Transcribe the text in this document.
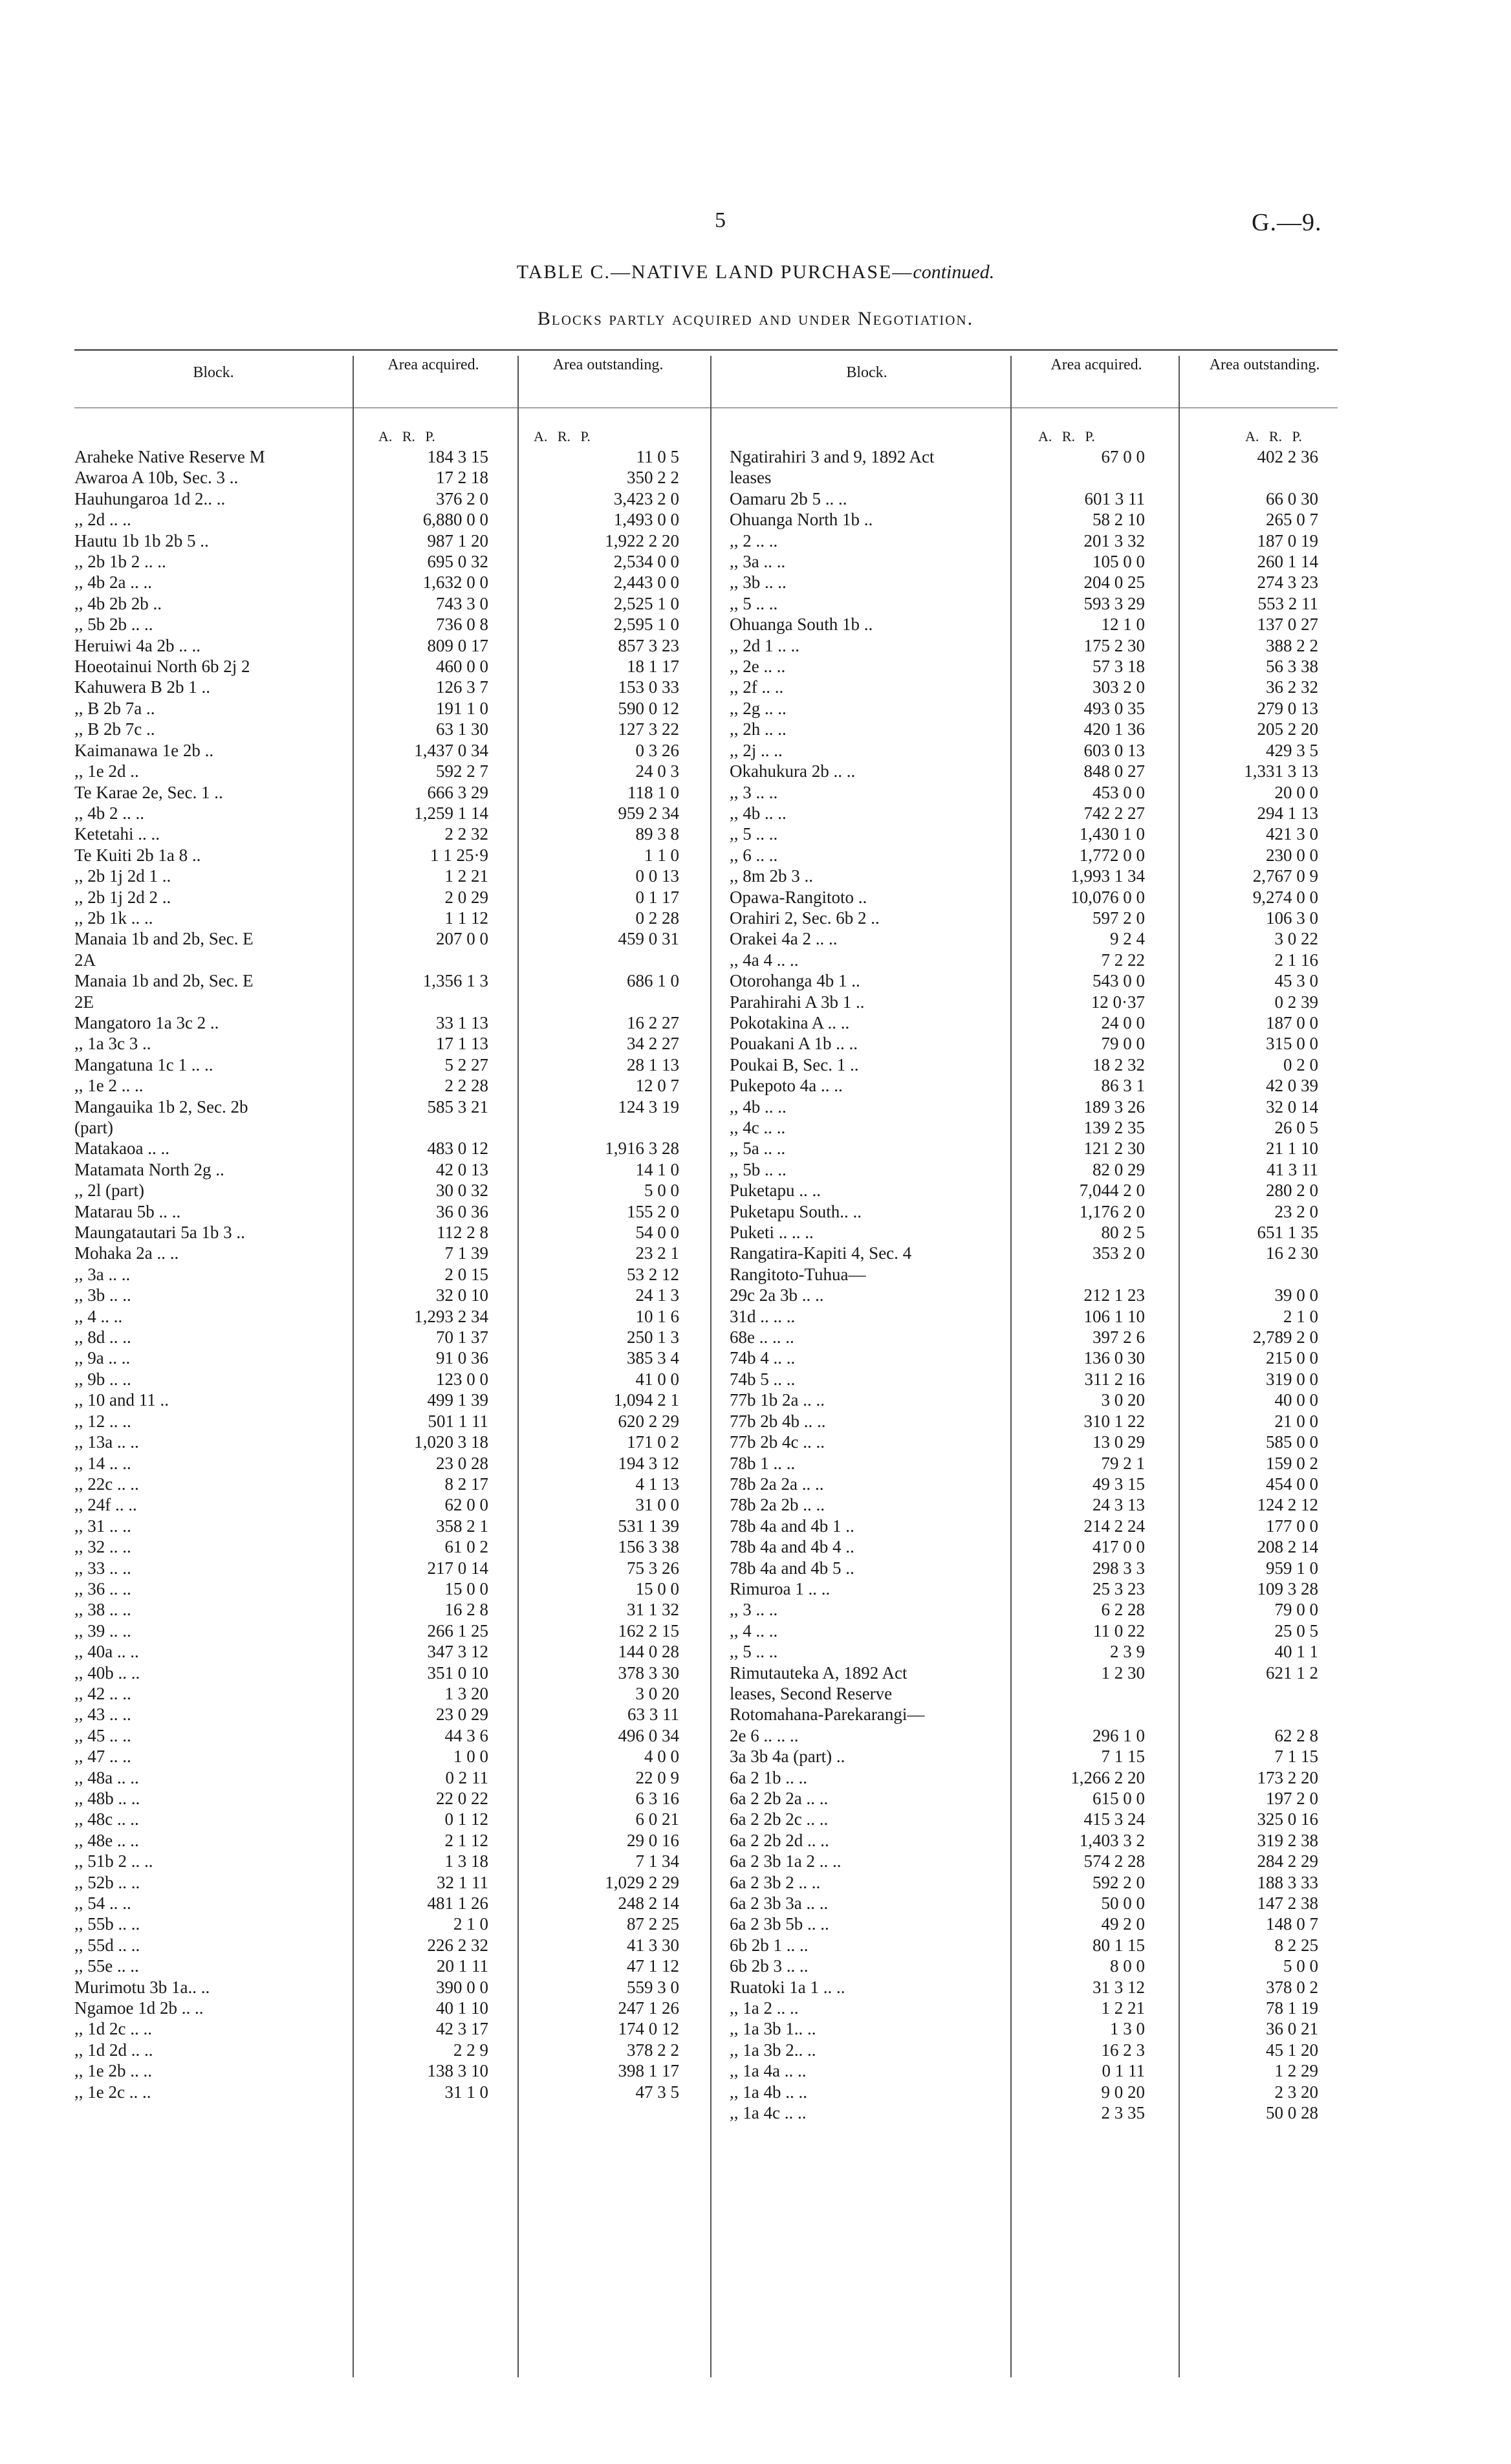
5	G.—9.
TABLE C.—NATIVE LAND PURCHASE—continued.
Blocks partly acquired and under Negotiation.
Block.	Area acquired.	Area outstanding.	Block.	Area acquired.	Area outstanding.
A. R. P.	A. R. P.	A. R. P.	A. R. P.
Araheke Native Reserve M	184 3 15	11 0 5
Awaroa A 10b, Sec. 3 ..	17 2 18	350 2 2
Hauhungaroa 1d 2.. ..	376 2 0	3,423 2 0
,, 2d .. ..	6,880 0 0	1,493 0 0
Hautu 1b 1b 2b 5 ..	987 1 20	1,922 2 20
,, 2b 1b 2 .. ..	695 0 32	2,534 0 0
,, 4b 2a .. ..	1,632 0 0	2,443 0 0
,, 4b 2b 2b ..	743 3 0	2,525 1 0
,, 5b 2b .. ..	736 0 8	2,595 1 0
Heruiwi 4a 2b .. ..	809 0 17	857 3 23
Hoeotainui North 6b 2j 2	460 0 0	18 1 17
Kahuwera B 2b 1 ..	126 3 7	153 0 33
,, B 2b 7a ..	191 1 0	590 0 12
,, B 2b 7c ..	63 1 30	127 3 22
Kaimanawa 1e 2b ..	1,437 0 34	0 3 26
,, 1e 2d ..	592 2 7	24 0 3
Te Karae 2e, Sec. 1 ..	666 3 29	118 1 0
,, 4b 2 .. ..	1,259 1 14	959 2 34
Ketetahi .. ..	2 2 32	89 3 8
Te Kuiti 2b 1a 8 ..	1 1 25·9	1 1 0
,, 2b 1j 2d 1 ..	1 2 21	0 0 13
,, 2b 1j 2d 2 ..	2 0 29	0 1 17
,, 2b 1k .. ..	1 1 12	0 2 28
Manaia 1b and 2b, Sec. E	207 0 0	459 0 31
2A		
Manaia 1b and 2b, Sec. E	1,356 1 3	686 1 0
2E		
Mangatoro 1a 3c 2 ..	33 1 13	16 2 27
,, 1a 3c 3 ..	17 1 13	34 2 27
Mangatuna 1c 1 .. ..	5 2 27	28 1 13
,, 1e 2 .. ..	2 2 28	12 0 7
Mangauika 1b 2, Sec. 2b	585 3 21	124 3 19
(part)		
Matakaoa .. ..	483 0 12	1,916 3 28
Matamata North 2g ..	42 0 13	14 1 0
,, 2l (part)	30 0 32	5 0 0
Matarau 5b .. ..	36 0 36	155 2 0
Maungatautari 5a 1b 3 ..	112 2 8	54 0 0
Mohaka 2a .. ..	7 1 39	23 2 1
,, 3a .. ..	2 0 15	53 2 12
,, 3b .. ..	32 0 10	24 1 3
,, 4 .. ..	1,293 2 34	10 1 6
,, 8d .. ..	70 1 37	250 1 3
,, 9a .. ..	91 0 36	385 3 4
,, 9b .. ..	123 0 0	41 0 0
,, 10 and 11 ..	499 1 39	1,094 2 1
,, 12 .. ..	501 1 11	620 2 29
,, 13a .. ..	1,020 3 18	171 0 2
,, 14 .. ..	23 0 28	194 3 12
,, 22c .. ..	8 2 17	4 1 13
,, 24f .. ..	62 0 0	31 0 0
,, 31 .. ..	358 2 1	531 1 39
,, 32 .. ..	61 0 2	156 3 38
,, 33 .. ..	217 0 14	75 3 26
,, 36 .. ..	15 0 0	15 0 0
,, 38 .. ..	16 2 8	31 1 32
,, 39 .. ..	266 1 25	162 2 15
,, 40a .. ..	347 3 12	144 0 28
,, 40b .. ..	351 0 10	378 3 30
,, 42 .. ..	1 3 20	3 0 20
,, 43 .. ..	23 0 29	63 3 11
,, 45 .. ..	44 3 6	496 0 34
,, 47 .. ..	1 0 0	4 0 0
,, 48a .. ..	0 2 11	22 0 9
,, 48b .. ..	22 0 22	6 3 16
,, 48c .. ..	0 1 12	6 0 21
,, 48e .. ..	2 1 12	29 0 16
,, 51b 2 .. ..	1 3 18	7 1 34
,, 52b .. ..	32 1 11	1,029 2 29
,, 54 .. ..	481 1 26	248 2 14
,, 55b .. ..	2 1 0	87 2 25
,, 55d .. ..	226 2 32	41 3 30
,, 55e .. ..	20 1 11	47 1 12
Murimotu 3b 1a.. ..	390 0 0	559 3 0
Ngamoe 1d 2b .. ..	40 1 10	247 1 26
,, 1d 2c .. ..	42 3 17	174 0 12
,, 1d 2d .. ..	2 2 9	378 2 2
,, 1e 2b .. ..	138 3 10	398 1 17
,, 1e 2c .. ..	31 1 0	47 3 5
Ngatirahiri 3 and 9, 1892 Act	67 0 0	402 2 36
leases		
Oamaru 2b 5 .. ..	601 3 11	66 0 30
Ohuanga North 1b ..	58 2 10	265 0 7
,, 2 .. ..	201 3 32	187 0 19
,, 3a .. ..	105 0 0	260 1 14
,, 3b .. ..	204 0 25	274 3 23
,, 5 .. ..	593 3 29	553 2 11
Ohuanga South 1b ..	12 1 0	137 0 27
,, 2d 1 .. ..	175 2 30	388 2 2
,, 2e .. ..	57 3 18	56 3 38
,, 2f .. ..	303 2 0	36 2 32
,, 2g .. ..	493 0 35	279 0 13
,, 2h .. ..	420 1 36	205 2 20
,, 2j .. ..	603 0 13	429 3 5
Okahukura 2b .. ..	848 0 27	1,331 3 13
,, 3 .. ..	453 0 0	20 0 0
,, 4b .. ..	742 2 27	294 1 13
,, 5 .. ..	1,430 1 0	421 3 0
,, 6 .. ..	1,772 0 0	230 0 0
,, 8m 2b 3 ..	1,993 1 34	2,767 0 9
Opawa-Rangitoto ..	10,076 0 0	9,274 0 0
Orahiri 2, Sec. 6b 2 ..	597 2 0	106 3 0
Orakei 4a 2 .. ..	9 2 4	3 0 22
,, 4a 4 .. ..	7 2 22	2 1 16
Otorohanga 4b 1 ..	543 0 0	45 3 0
Parahirahi A 3b 1 ..	12 0·37	0 2 39
Pokotakina A .. ..	24 0 0	187 0 0
Pouakani A 1b .. ..	79 0 0	315 0 0
Poukai B, Sec. 1 ..	18 2 32	0 2 0
Pukepoto 4a .. ..	86 3 1	42 0 39
,, 4b .. ..	189 3 26	32 0 14
,, 4c .. ..	139 2 35	26 0 5
,, 5a .. ..	121 2 30	21 1 10
,, 5b .. ..	82 0 29	41 3 11
Puketapu .. ..	7,044 2 0	280 2 0
Puketapu South.. ..	1,176 2 0	23 2 0
Puketi .. .. ..	80 2 5	651 1 35
Rangatira-Kapiti 4, Sec. 4	353 2 0	16 2 30
Rangitoto-Tuhua—		
29c 2a 3b .. ..	212 1 23	39 0 0
31d .. .. ..	106 1 10	2 1 0
68e .. .. ..	397 2 6	2,789 2 0
74b 4 .. ..	136 0 30	215 0 0
74b 5 .. ..	311 2 16	319 0 0
77b 1b 2a .. ..	3 0 20	40 0 0
77b 2b 4b .. ..	310 1 22	21 0 0
77b 2b 4c .. ..	13 0 29	585 0 0
78b 1 .. ..	79 2 1	159 0 2
78b 2a 2a .. ..	49 3 15	454 0 0
78b 2a 2b .. ..	24 3 13	124 2 12
78b 4a and 4b 1 ..	214 2 24	177 0 0
78b 4a and 4b 4 ..	417 0 0	208 2 14
78b 4a and 4b 5 ..	298 3 3	959 1 0
Rimuroa 1 .. ..	25 3 23	109 3 28
,, 3 .. ..	6 2 28	79 0 0
,, 4 .. ..	11 0 22	25 0 5
,, 5 .. ..	2 3 9	40 1 1
Rimutauteka A, 1892 Act	1 2 30	621 1 2
leases, Second Reserve		
Rotomahana-Parekarangi—		
2e 6 .. .. ..	296 1 0	62 2 8
3a 3b 4a (part) ..	7 1 15	7 1 15
6a 2 1b .. ..	1,266 2 20	173 2 20
6a 2 2b 2a .. ..	615 0 0	197 2 0
6a 2 2b 2c .. ..	415 3 24	325 0 16
6a 2 2b 2d .. ..	1,403 3 2	319 2 38
6a 2 3b 1a 2 .. ..	574 2 28	284 2 29
6a 2 3b 2 .. ..	592 2 0	188 3 33
6a 2 3b 3a .. ..	50 0 0	147 2 38
6a 2 3b 5b .. ..	49 2 0	148 0 7
6b 2b 1 .. ..	80 1 15	8 2 25
6b 2b 3 .. ..	8 0 0	5 0 0
Ruatoki 1a 1 .. ..	31 3 12	378 0 2
,, 1a 2 .. ..	1 2 21	78 1 19
,, 1a 3b 1.. ..	1 3 0	36 0 21
,, 1a 3b 2.. ..	16 2 3	45 1 20
,, 1a 4a .. ..	0 1 11	1 2 29
,, 1a 4b .. ..	9 0 20	2 3 20
,, 1a 4c .. ..	2 3 35	50 0 28
